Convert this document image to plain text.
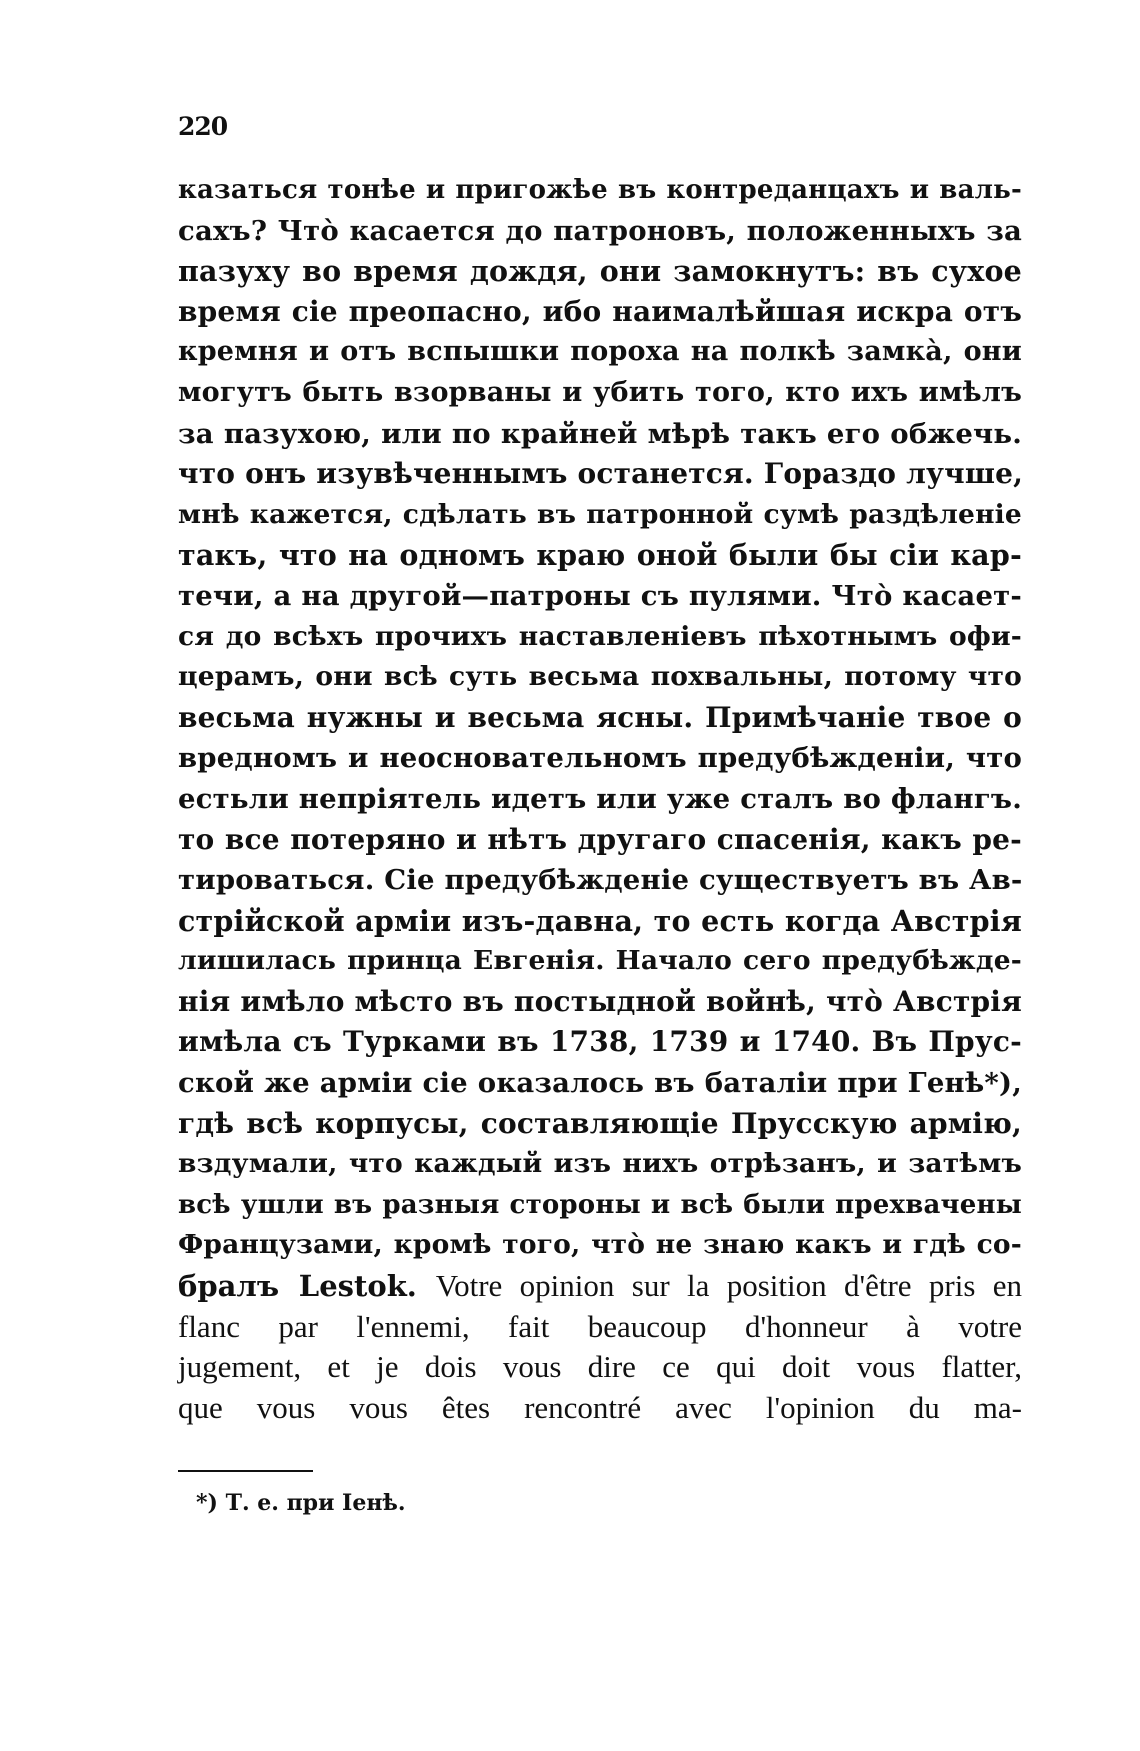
220
казаться тонѣе и пригожѣе въ контреданцахъ и валь-
сахъ? Чтò касается до патроновъ, положенныхъ за
пазуху во время дождя, они замокнутъ: въ сухое
время сіе преопасно, ибо наималѣйшая искра отъ
кремня и отъ вспышки пороха на полкѣ замкà, они
могутъ быть взорваны и убить того, кто ихъ имѣлъ
за пазухою, или по крайней мѣрѣ такъ его обжечь.
что онъ изувѣченнымъ останется. Гораздо лучше,
мнѣ кажется, сдѣлать въ патронной сумѣ раздѣленіе
такъ, что на одномъ краю оной были бы сіи кар-
течи, а на другой—патроны съ пулями. Чтò касает-
ся до всѣхъ прочихъ наставленіевъ пѣхотнымъ офи-
церамъ, они всѣ суть весьма похвальны, потому что
весьма нужны и весьма ясны. Примѣчаніе твое о
вредномъ и неосновательномъ предубѣжденіи, что
естьли непріятель идетъ или уже сталъ во флангъ.
то все потеряно и нѣтъ другаго спасенія, какъ ре-
тироваться. Сіе предубѣжденіе существуетъ въ Ав-
стрійской арміи изъ-давна, то есть когда Австрія
лишилась принца Евгенія. Начало сего предубѣжде-
нія имѣло мѣсто въ постыдной войнѣ, чтò Австрія
имѣла съ Турками въ 1738, 1739 и 1740. Въ Прус-
ской же арміи сіе оказалось въ баталіи при Генѣ*),
гдѣ всѣ корпусы, составляющіе Прусскую армію,
вздумали, что каждый изъ нихъ отрѣзанъ, и затѣмъ
всѣ ушли въ разныя стороны и всѣ были прехвачены
Французами, кромѣ того, чтò не знаю какъ и гдѣ со-
бралъ Lestok. Votre opinion sur la position d'être pris en
flanc par l'ennemi, fait beaucoup d'honneur à votre
jugement, et je dois vous dire ce qui doit vous flatter,
que vous vous êtes rencontré avec l'opinion du ma-
*) Т. е. при Іенѣ.
